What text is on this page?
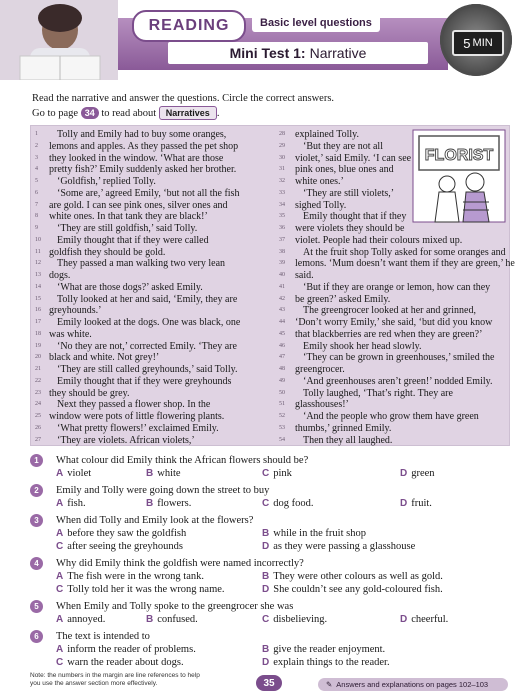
READING	Basic level questions
Mini Test 1: Narrative
5 MIN
Read the narrative and answer the questions. Circle the correct answers.
Go to page 34 to read about Narratives .
1	Tolly and Emily had to buy some oranges,
2	lemons and apples. As they passed the pet shop
3	they looked in the window. ‘What are those
4	pretty fish?’ Emily suddenly asked her brother.
5	‘Goldfish,’ replied Tolly.
6	‘Some are,’ agreed Emily, ‘but not all the fish
7	are gold. I can see pink ones, silver ones and
8	white ones. In that tank they are black!’
9	‘They are still goldfish,’ said Tolly.
10	Emily thought that if they were called
11 goldfish they should be gold.
12	They passed a man walking two very lean
13 dogs.
14	‘What are those dogs?’ asked Emily.
15	Tolly looked at her and said, ‘Emily, they are
16 greyhounds.’
17	Emily looked at the dogs. One was black, one
18 was white.
19	‘No they are not,’ corrected Emily. ‘They are
20 black and white. Not grey!’
21	‘They are still called greyhounds,’ said Tolly.
22	Emily thought that if they were greyhounds
23 they should be grey.
24	Next they passed a flower shop. In the
25 window were pots of little flowering plants.
26	‘What pretty flowers!’ exclaimed Emily.
27	‘They are violets. African violets,’
28	explained Tolly.
29	‘But they are not all
30	violet,’ said Emily. ‘I can see
31	pink ones, blue ones and
32	white ones.’
33	‘They are still violets,’
34	sighed Tolly.
35	Emily thought that if they
36	were violets they should be
37	violet. People had their colours mixed up.
38	At the fruit shop Tolly asked for some oranges and
39	lemons. ‘Mum doesn’t want them if they are green,’ he
40	said.
41	‘But if they are orange or lemon, how can they
42	be green?’ asked Emily.
43	The greengrocer looked at her and grinned,
44	‘Don’t worry Emily,’ she said, ‘but did you know
45	that blackberries are red when they are green?’
46	Emily shook her head slowly.
47	‘They can be grown in greenhouses,’ smiled the
48	greengrocer.
49	‘And greenhouses aren’t green!’ nodded Emily.
50	Tolly laughed, ‘That’s right. They are
51	glasshouses!’
52	‘And the people who grow them have green
53	thumbs,’ grinned Emily.
54	Then they all laughed.
FLORIST
1	What colour did Emily think the African flowers should be?
A violet	B white	C pink	D green
2	Emily and Tolly were going down the street to buy
A fish.	B flowers.	C dog food.	D fruit.
3	When did Tolly and Emily look at the flowers?
A before they saw the goldfish	B while in the fruit shop
C after seeing the greyhounds	D as they were passing a glasshouse
4	Why did Emily think the goldfish were named incorrectly?
A The fish were in the wrong tank.	B They were other colours as well as gold.
C Tolly told her it was the wrong name.	D She couldn’t see any gold-coloured fish.
5	When Emily and Tolly spoke to the greengrocer she was
A annoyed.	B confused.	C disbelieving.	D cheerful.
6	The text is intended to
A inform the reader of problems.	B give the reader enjoyment.
C warn the reader about dogs.	D explain things to the reader.
Note: the numbers in the margin are line references to help
you use the answer section more effectively.	35	✎ Answers and explanations on pages 102–103
